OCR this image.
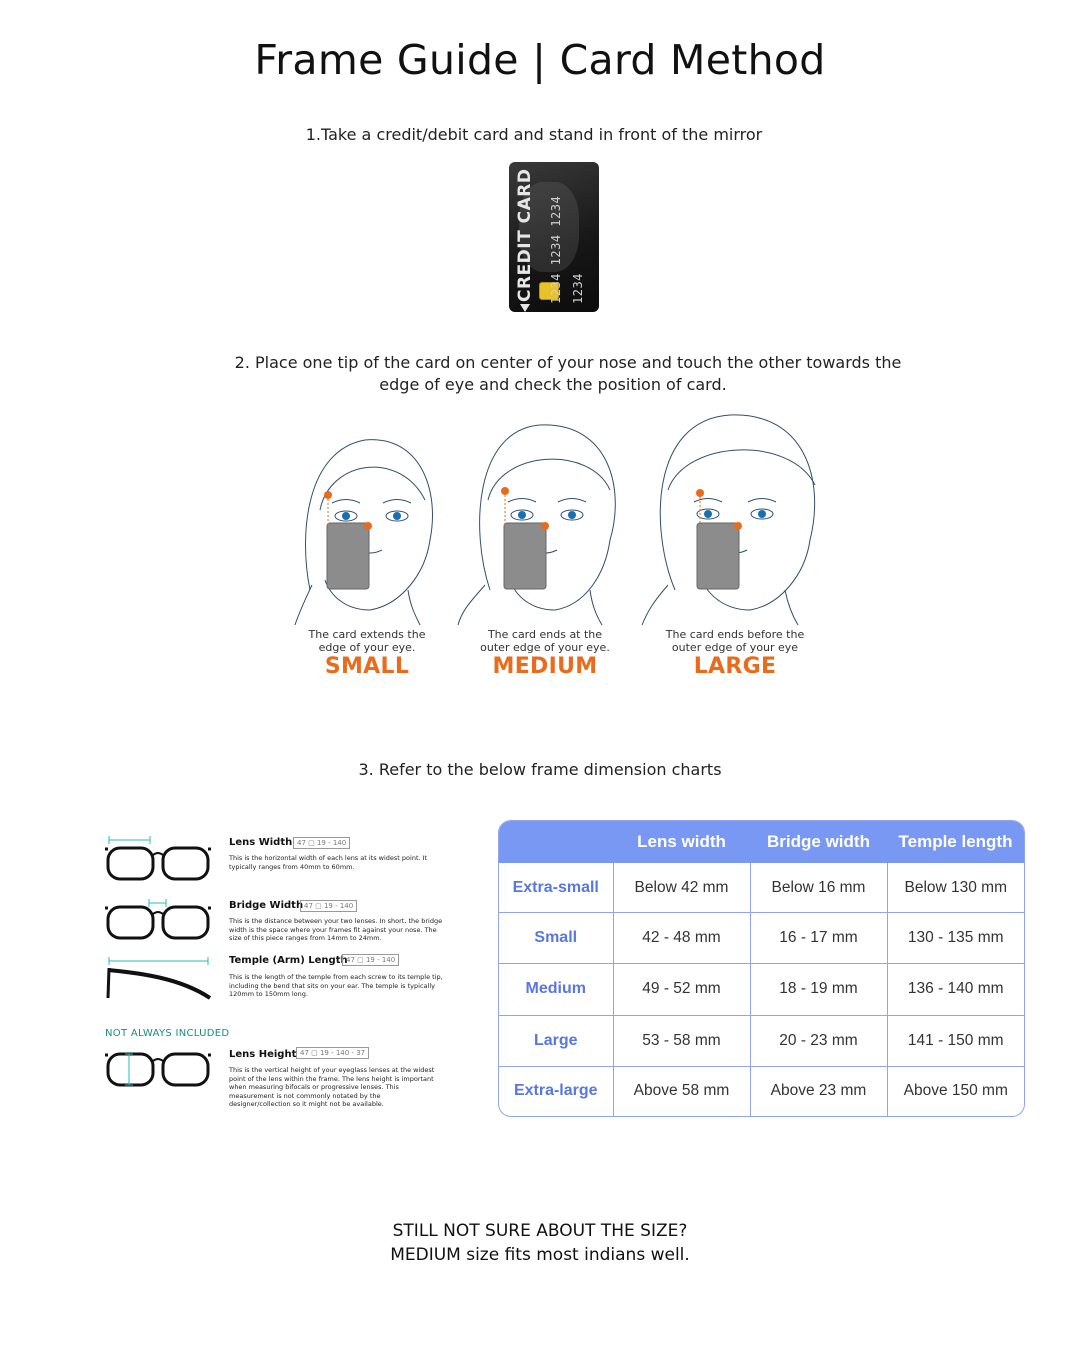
Frame Guide | Card Method
1.Take a credit/debit card and stand in front of the mirror
CREDIT CARD 1234 1234 1234
1234
2. Place one tip of the card on center of your nose and touch the other towards the
edge of eye and check the position of card.
The card extends the
edge of your eye.
SMALL
The card ends at the
outer edge of your eye.
MEDIUM
The card ends before the
outer edge of your eye
LARGE
3. Refer to the below frame dimension charts
Lens Width 47 ▢ 19 - 140
This is the horizontal width of each lens at its widest point. It typically ranges from 40mm to 60mm.
Bridge Width 47 ▢ 19 - 140
This is the distance between your two lenses. In short, the bridge width is the space where your frames fit against your nose. The size of this piece ranges from 14mm to 24mm.
Temple (Arm) Length
47 ▢ 19 - 140
This is the length of the temple from each screw to its temple tip, including the bend that sits on your ear. The temple is typically 120mm to 150mm long.
NOT ALWAYS INCLUDED
Lens Height 47 ▢ 19 - 140 - 37
This is the vertical height of your eyeglass lenses at the widest point of the lens within the frame. The lens height is important when measuring bifocals or progressive lenses. This measurement is not commonly notated by the designer/collection so it might not be available.
	Lens width	Bridge width	Temple length
Extra-small	Below 42 mm	Below 16 mm	Below 130 mm
Small	42 - 48 mm	16 - 17 mm	130 - 135 mm
Medium	49 - 52 mm	18 - 19 mm	136 - 140 mm
Large	53 - 58 mm	20 - 23 mm	141 - 150 mm
Extra-large	Above 58 mm	Above 23 mm	Above 150 mm
STILL NOT SURE ABOUT THE SIZE?
MEDIUM size fits most indians well.
